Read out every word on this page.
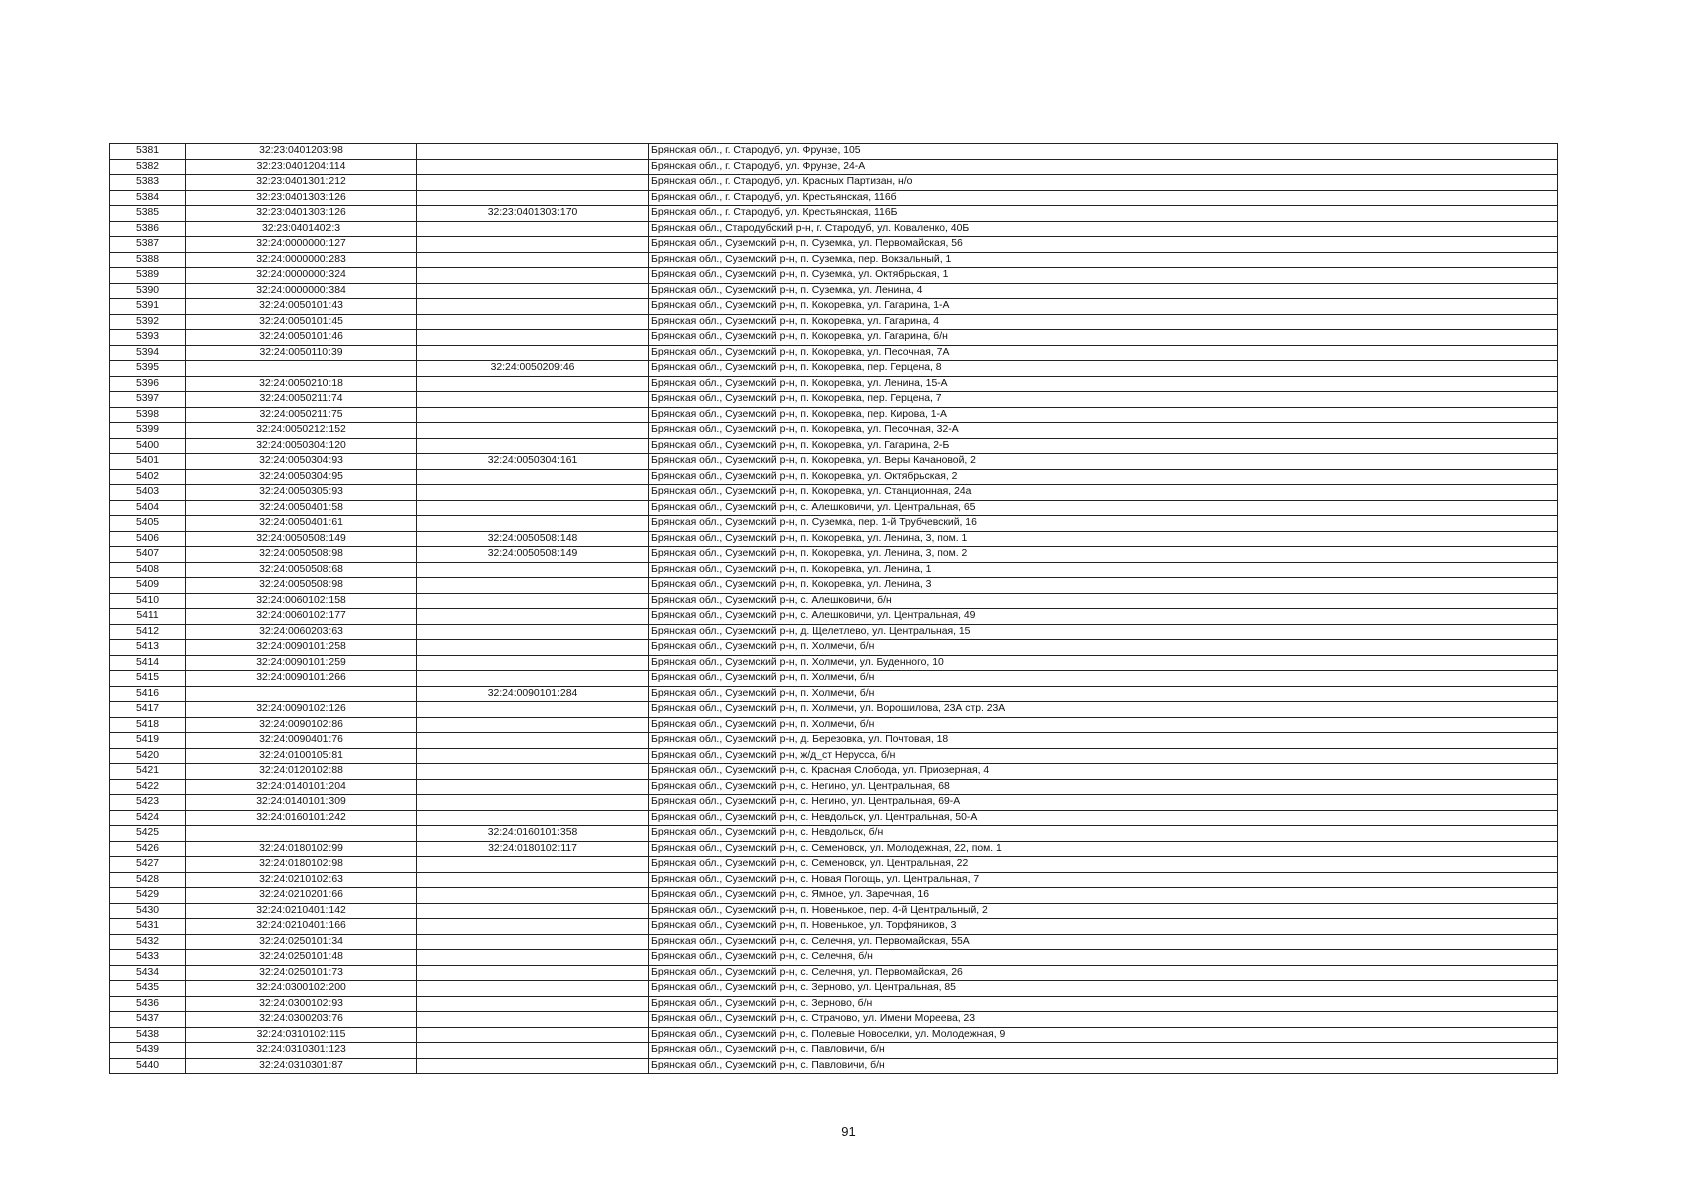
5381	32:23:0401203:98		Брянская обл., г. Стародуб, ул. Фрунзе, 105
5382	32:23:0401204:114		Брянская обл., г. Стародуб, ул. Фрунзе, 24-А
5383	32:23:0401301:212		Брянская обл., г. Стародуб, ул. Красных Партизан, н/о
5384	32:23:0401303:126		Брянская обл., г. Стародуб, ул. Крестьянская, 116б
5385	32:23:0401303:126	32:23:0401303:170	Брянская обл., г. Стародуб, ул. Крестьянская, 116Б
5386	32:23:0401402:3		Брянская обл., Стародубский р-н, г. Стародуб, ул. Коваленко, 40Б
5387	32:24:0000000:127		Брянская обл., Суземский р-н, п. Суземка, ул. Первомайская, 56
5388	32:24:0000000:283		Брянская обл., Суземский р-н, п. Суземка, пер. Вокзальный, 1
5389	32:24:0000000:324		Брянская обл., Суземский р-н, п. Суземка, ул. Октябрьская, 1
5390	32:24:0000000:384		Брянская обл., Суземский р-н, п. Суземка, ул. Ленина, 4
5391	32:24:0050101:43		Брянская обл., Суземский р-н, п. Кокоревка, ул. Гагарина, 1-А
5392	32:24:0050101:45		Брянская обл., Суземский р-н, п. Кокоревка, ул. Гагарина, 4
5393	32:24:0050101:46		Брянская обл., Суземский р-н, п. Кокоревка, ул. Гагарина, б/н
5394	32:24:0050110:39		Брянская обл., Суземский р-н, п. Кокоревка, ул. Песочная, 7А
5395		32:24:0050209:46	Брянская обл., Суземский р-н, п. Кокоревка, пер. Герцена, 8
5396	32:24:0050210:18		Брянская обл., Суземский р-н, п. Кокоревка, ул. Ленина, 15-А
5397	32:24:0050211:74		Брянская обл., Суземский р-н, п. Кокоревка, пер. Герцена, 7
5398	32:24:0050211:75		Брянская обл., Суземский р-н, п. Кокоревка, пер. Кирова, 1-А
5399	32:24:0050212:152		Брянская обл., Суземский р-н, п. Кокоревка, ул. Песочная, 32-А
5400	32:24:0050304:120		Брянская обл., Суземский р-н, п. Кокоревка, ул. Гагарина, 2-Б
5401	32:24:0050304:93	32:24:0050304:161	Брянская обл., Суземский р-н, п. Кокоревка, ул. Веры Качановой, 2
5402	32:24:0050304:95		Брянская обл., Суземский р-н, п. Кокоревка, ул. Октябрьская, 2
5403	32:24:0050305:93		Брянская обл., Суземский р-н, п. Кокоревка, ул. Станционная, 24а
5404	32:24:0050401:58		Брянская обл., Суземский р-н, с. Алешковичи, ул. Центральная, 65
5405	32:24:0050401:61		Брянская обл., Суземский р-н, п. Суземка, пер. 1-й Трубчевский, 16
5406	32:24:0050508:149	32:24:0050508:148	Брянская обл., Суземский р-н, п. Кокоревка, ул. Ленина, 3, пом. 1
5407	32:24:0050508:98	32:24:0050508:149	Брянская обл., Суземский р-н, п. Кокоревка, ул. Ленина, 3, пом. 2
5408	32:24:0050508:68		Брянская обл., Суземский р-н, п. Кокоревка, ул. Ленина, 1
5409	32:24:0050508:98		Брянская обл., Суземский р-н, п. Кокоревка, ул. Ленина, 3
5410	32:24:0060102:158		Брянская обл., Суземский р-н, с. Алешковичи, б/н
5411	32:24:0060102:177		Брянская обл., Суземский р-н, с. Алешковичи, ул. Центральная, 49
5412	32:24:0060203:63		Брянская обл., Суземский р-н, д. Щелетлево, ул. Центральная, 15
5413	32:24:0090101:258		Брянская обл., Суземский р-н, п. Холмечи, б/н
5414	32:24:0090101:259		Брянская обл., Суземский р-н, п. Холмечи, ул. Буденного, 10
5415	32:24:0090101:266		Брянская обл., Суземский р-н, п. Холмечи, б/н
5416		32:24:0090101:284	Брянская обл., Суземский р-н, п. Холмечи, б/н
5417	32:24:0090102:126		Брянская обл., Суземский р-н, п. Холмечи, ул. Ворошилова, 23А стр. 23А
5418	32:24:0090102:86		Брянская обл., Суземский р-н, п. Холмечи, б/н
5419	32:24:0090401:76		Брянская обл., Суземский р-н, д. Березовка, ул. Почтовая, 18
5420	32:24:0100105:81		Брянская обл., Суземский р-н, ж/д_ст Неруссa, б/н
5421	32:24:0120102:88		Брянская обл., Суземский р-н, с. Красная Слобода, ул. Приозерная, 4
5422	32:24:0140101:204		Брянская обл., Суземский р-н, с. Негино, ул. Центральная, 68
5423	32:24:0140101:309		Брянская обл., Суземский р-н, с. Негино, ул. Центральная, 69-А
5424	32:24:0160101:242		Брянская обл., Суземский р-н, с. Невдольск, ул. Центральная, 50-А
5425		32:24:0160101:358	Брянская обл., Суземский р-н, с. Невдольск, б/н
5426	32:24:0180102:99	32:24:0180102:117	Брянская обл., Суземский р-н, с. Семеновск, ул. Молодежная, 22, пом. 1
5427	32:24:0180102:98		Брянская обл., Суземский р-н, с. Семеновск, ул. Центральная, 22
5428	32:24:0210102:63		Брянская обл., Суземский р-н, с. Новая Погощь, ул. Центральная, 7
5429	32:24:0210201:66		Брянская обл., Суземский р-н, с. Ямное, ул. Заречная, 16
5430	32:24:0210401:142		Брянская обл., Суземский р-н, п. Новенькое, пер. 4-й Центральный, 2
5431	32:24:0210401:166		Брянская обл., Суземский р-н, п. Новенькое, ул. Торфяников, 3
5432	32:24:0250101:34		Брянская обл., Суземский р-н, с. Селечня, ул. Первомайская, 55А
5433	32:24:0250101:48		Брянская обл., Суземский р-н, с. Селечня, б/н
5434	32:24:0250101:73		Брянская обл., Суземский р-н, с. Селечня, ул. Первомайская, 26
5435	32:24:0300102:200		Брянская обл., Суземский р-н, с. Зерново, ул. Центральная, 85
5436	32:24:0300102:93		Брянская обл., Суземский р-н, с. Зерново, б/н
5437	32:24:0300203:76		Брянская обл., Суземский р-н, с. Страчово, ул. Имени Мореева, 23
5438	32:24:0310102:115		Брянская обл., Суземский р-н, с. Полевые Новоселки, ул. Молодежная, 9
5439	32:24:0310301:123		Брянская обл., Суземский р-н, с. Павловичи, б/н
5440	32:24:0310301:87		Брянская обл., Суземский р-н, с. Павловичи, б/н
91
